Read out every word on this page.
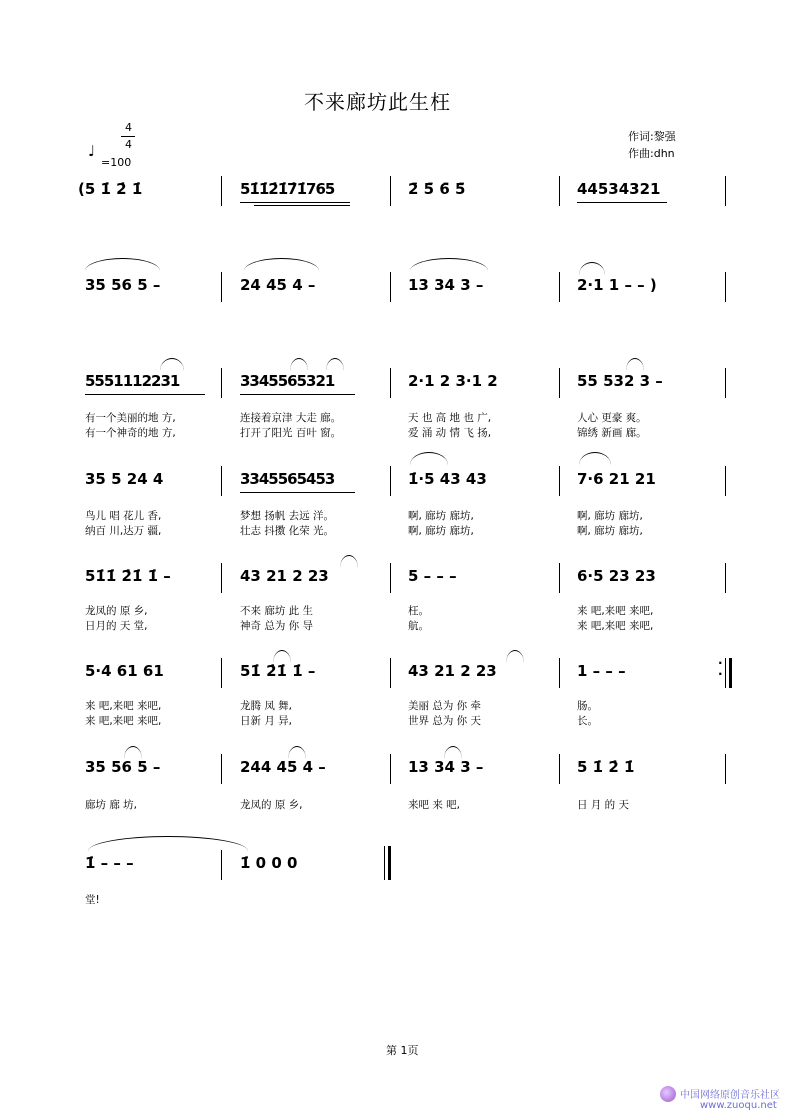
不来廊坊此生枉
作词:黎强
作曲:dhn
4
4
♩
=100
(5 1̇ 2̇ 1̇	51̇1̇2̇1̇7̇1̇765	2̄ 5̄ 6̄ 5̄	44534321
35 56 5 –	24 45 4 –	13 34 3 –	2·1 1 – – )
5551112231	3345565321	2·1 2 3·1 2	55 532 3 –
有一个美丽的地 方,	连接着京津 大走 廊。	天 也 高 地 也 广,	人心 更豪 爽。
有一个神奇的地 方,	打开了阳光 百叶 窗。	爱 涌 动 情 飞 扬,	锦绣 新画 廊。
35 5 24 4	3345565453	1̇·5 43 43	7·6 21 21
鸟儿 唱 花儿 香,	梦想 扬帆 去远 洋。	啊, 廊坊 廊坊,	啊, 廊坊 廊坊,
纳百 川,达万 疆,	壮志 抖擞 化荣 光。	啊, 廊坊 廊坊,	啊, 廊坊 廊坊,
51̇1̇ 2̇1̇ 1̇ –	43 21 2 23	5 – – –	6·5 23 23
龙凤的 原 乡,	不来 廊坊 此 生	枉。	来 吧,来吧 来吧,
日月的 天 堂,	神奇 总为 你 导	航。	来 吧,来吧 来吧,
5·4 61 61	51̇ 2̇1̇ 1̇ –	43 21 2 23	1 – – –	·
·
来 吧,来吧 来吧,	龙腾 凤 舞,	美丽 总为 你 牵	肠。
来 吧,来吧 来吧,	日新 月 异,	世界 总为 你 天	长。
35 56 5 –	244 45 4 –	13 34 3 –	5 1̇ 2̇ 1̇
廊坊 廊 坊,	龙凤的 原 乡,	来吧 来 吧,	日 月 的 天
1̇ – – –	1̇ 0 0 0
堂!
第 1页
中国网络原创音乐社区
www.zuoqu.net
